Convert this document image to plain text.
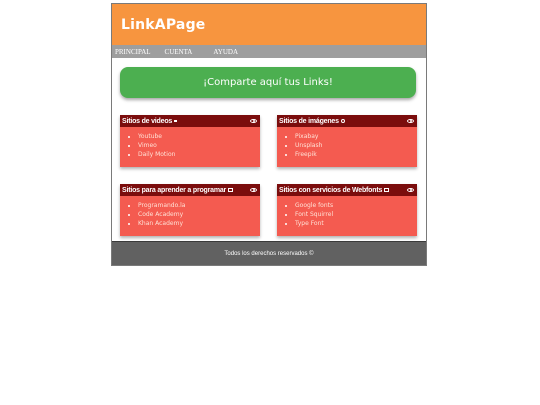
LinkAPage
PRINCIPAL CUENTA	AYUDA
¡Comparte aquí tus Links!
Sitios de videos
• Youtube
• Vimeo
• Daily Motion
Sitios de imágenes
• Pixabay
• Unsplash
• Freepik
Sitios para aprender a programar
• Programando.la
• Code Academy
• Khan Academy
Sitios con servicios de Webfonts
• Google fonts
• Font Squirrel
• Type Font
Todos los derechos reservados ©
